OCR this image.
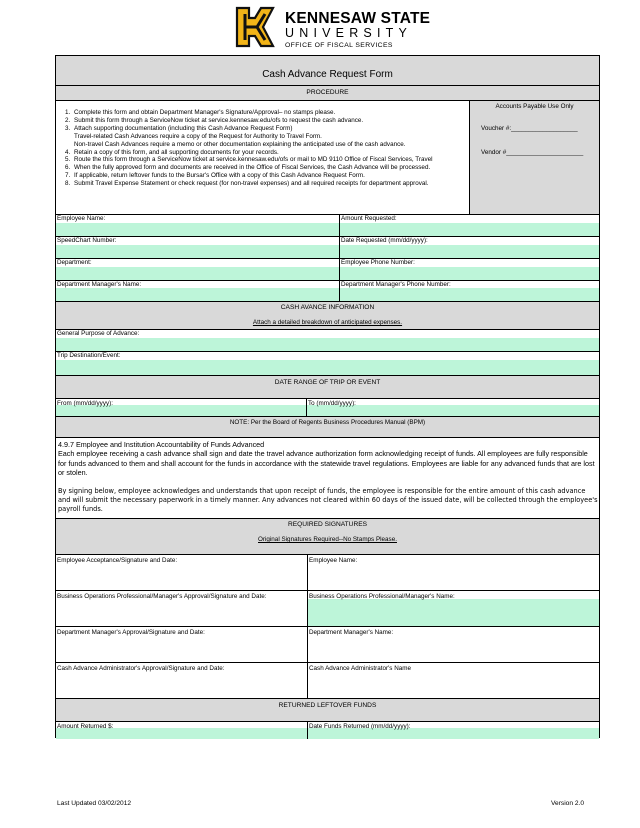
KENNESAW STATE
UNIVERSITY
OFFICE OF FISCAL SERVICES
Cash Advance Request Form
PROCEDURE
1. Complete this form and obtain Department Manager's Signature/Approval– no stamps please.
2. Submit this form through a ServiceNow ticket at service.kennesaw.edu/ofs to request the cash advance.
3. Attach supporting documentation (including this Cash Advance Request Form)
Travel-related Cash Advances require a copy of the Request for Authority to Travel Form.
Non-travel Cash Advances require a memo or other documentation explaining the anticipated use of the cash advance.
4. Retain a copy of this form, and all supporting documents for your records.
5. Route the this form through a ServiceNow ticket at service.kennesaw.edu/ofs or mail to MD 9110 Office of Fiscal Services, Travel
6. When the fully approved form and documents are received in the Office of Fiscal Services, the Cash Advance will be processed.
7. If applicable, return leftover funds to the Bursar's Office with a copy of this Cash Advance Request Form.
8. Submit Travel Expense Statement or check request (for non-travel expenses) and all required receipts for department approval.
Accounts Payable Use Only
Voucher #:___________________
Vendor #______________________
Employee Name:	Amount Requested:
SpeedChart Number:	Date Requested (mm/dd/yyyy):
Department:	Employee Phone Number:
Department Manager's Name:	Department Manager's Phone Number:
CASH AVANCE INFORMATION
Attach a detailed breakdown of anticipated expenses.
General Purpose of Advance:
Trip Destination/Event:
DATE RANGE OF TRIP OR EVENT
From (mm/dd/yyyy):	To (mm/dd/yyyy):
NOTE: Per the Board of Regents Business Procedures Manual (BPM)

4.9.7 Employee and Institution Accountability of Funds Advanced

Each employee receiving a cash advance shall sign and date the travel advance authorization form acknowledging receipt of funds. All employees are fully responsible for funds advanced to them and shall account for the funds in accordance with the statewide travel regulations. Employees are liable for any advanced funds that are lost or stolen.

By signing below, employee acknowledges and understands that upon receipt of funds, the employee is responsible for the entire amount of this cash advance and will submit the necessary paperwork in a timely manner. Any advances not cleared within 60 days of the issued date, will be collected through the employee's payroll funds.

REQUIRED SIGNATURES
Original Signatures Required--No Stamps Please.
Employee Acceptance/Signature and Date:	Employee Name:
Business Operations Professional/Manager's Approval/Signature and Date:	Business Operations Professional/Manager's Name:
Department Manager's Approval/Signature and Date:	Department Manager's Name:
Cash Advance Administrator's Approval/Signature and Date:	Cash Advance Administrator's Name
RETURNED LEFTOVER FUNDS
Amount Returned $:	Date Funds Returned (mm/dd/yyyy):
Last Updated 03/02/2012	Version 2.0
